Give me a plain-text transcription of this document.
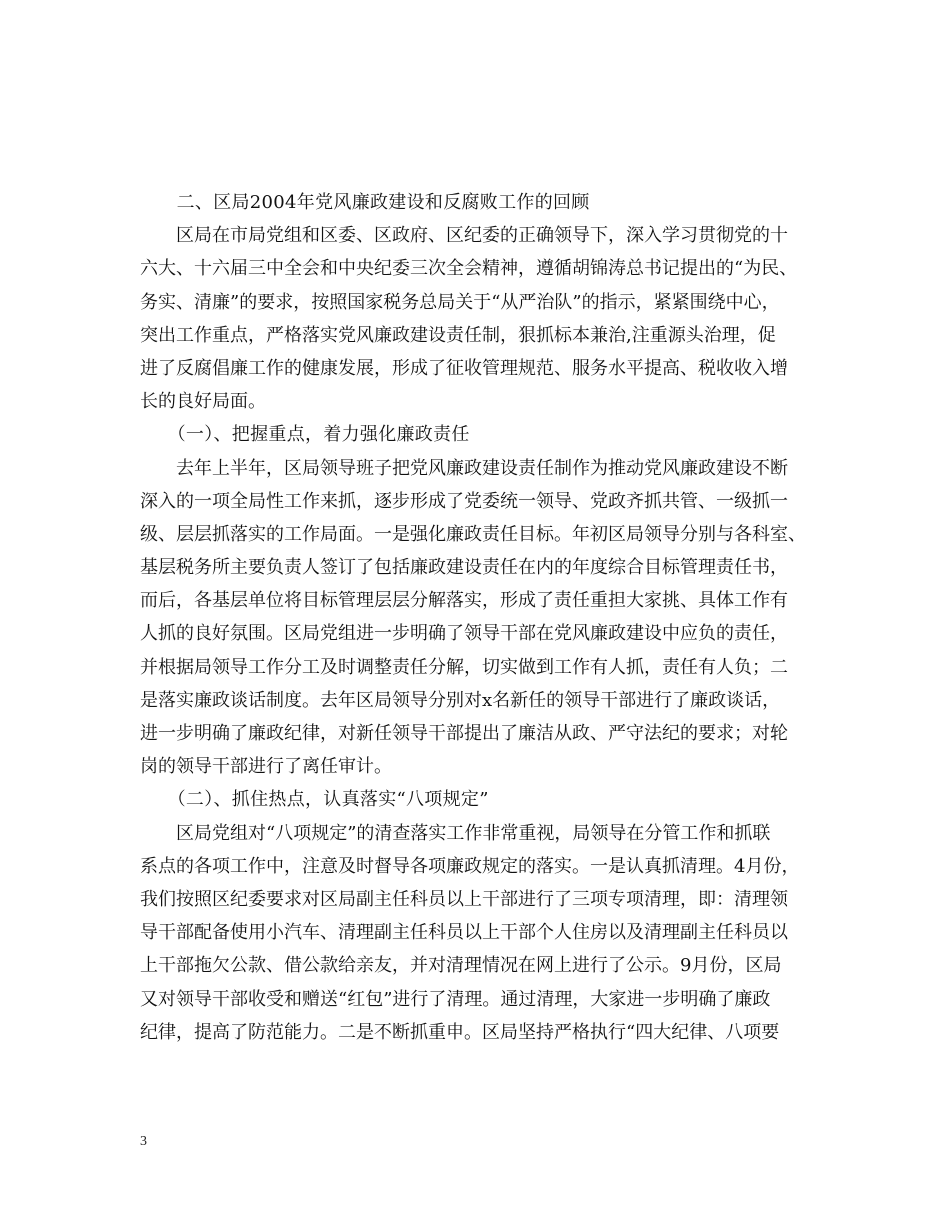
　　二、区局2004年党风廉政建设和反腐败工作的回顾
　　区局在市局党组和区委、区政府、区纪委的正确领导下，深入学习贯彻党的十
六大、十六届三中全会和中央纪委三次全会精神，遵循胡锦涛总书记提出的“为民、
务实、清廉”的要求，按照国家税务总局关于“从严治队”的指示，紧紧围绕中心，
突出工作重点，严格落实党风廉政建设责任制，狠抓标本兼治,注重源头治理，促
进了反腐倡廉工作的健康发展，形成了征收管理规范、服务水平提高、税收收入增
长的良好局面。
　　（一）、把握重点，着力强化廉政责任
　　去年上半年，区局领导班子把党风廉政建设责任制作为推动党风廉政建设不断
深入的一项全局性工作来抓，逐步形成了党委统一领导、党政齐抓共管、一级抓一
级、层层抓落实的工作局面。一是强化廉政责任目标。年初区局领导分别与各科室、
基层税务所主要负责人签订了包括廉政建设责任在内的年度综合目标管理责任书，
而后，各基层单位将目标管理层层分解落实，形成了责任重担大家挑、具体工作有
人抓的良好氛围。区局党组进一步明确了领导干部在党风廉政建设中应负的责任，
并根据局领导工作分工及时调整责任分解，切实做到工作有人抓，责任有人负；二
是落实廉政谈话制度。去年区局领导分别对x名新任的领导干部进行了廉政谈话，
进一步明确了廉政纪律，对新任领导干部提出了廉洁从政、严守法纪的要求；对轮
岗的领导干部进行了离任审计。
　　（二）、抓住热点，认真落实“八项规定”
　　区局党组对“八项规定”的清查落实工作非常重视，局领导在分管工作和抓联
系点的各项工作中，注意及时督导各项廉政规定的落实。一是认真抓清理。4月份，
我们按照区纪委要求对区局副主任科员以上干部进行了三项专项清理，即：清理领
导干部配备使用小汽车、清理副主任科员以上干部个人住房以及清理副主任科员以
上干部拖欠公款、借公款给亲友，并对清理情况在网上进行了公示。9月份，区局
又对领导干部收受和赠送“红包”进行了清理。通过清理，大家进一步明确了廉政
纪律，提高了防范能力。二是不断抓重申。区局坚持严格执行“四大纪律、八项要
3
